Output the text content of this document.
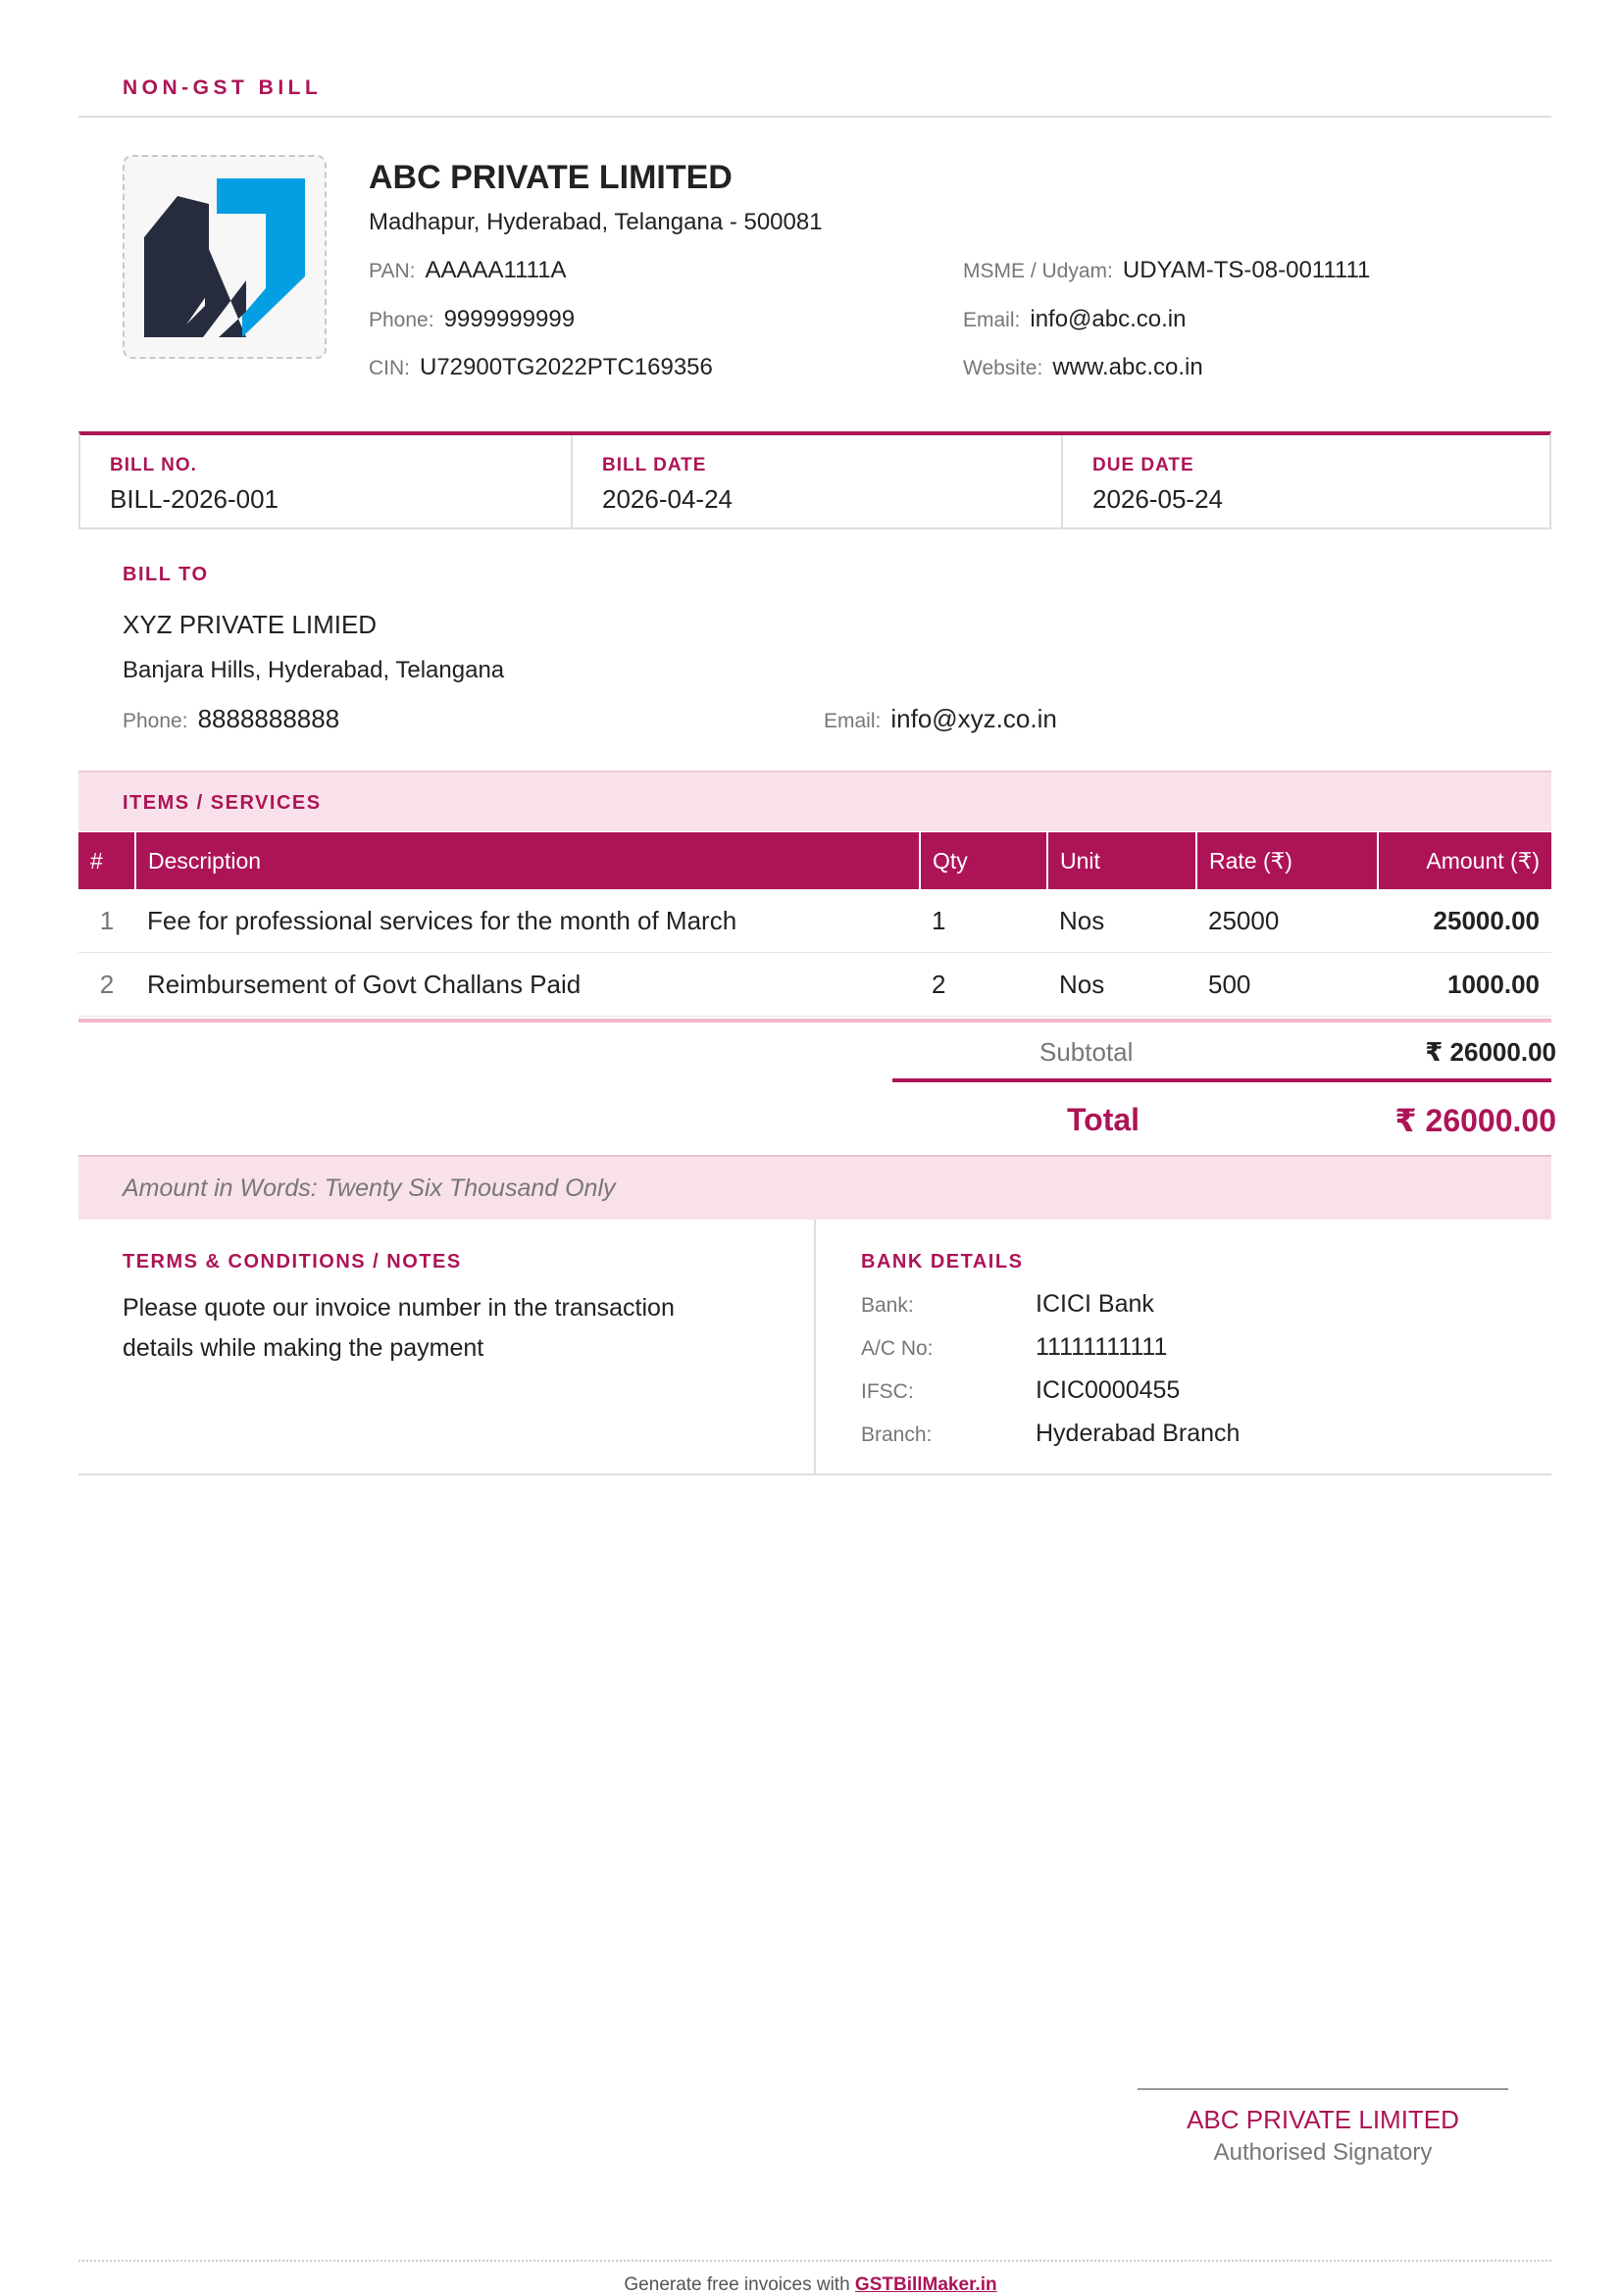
NON-GST BILL
ABC PRIVATE LIMITED
Madhapur, Hyderabad, Telangana - 500081
PAN: AAAAA1111A
Phone: 9999999999
CIN: U72900TG2022PTC169356
MSME / Udyam: UDYAM-TS-08-0011111
Email: info@abc.co.in
Website: www.abc.co.in
BILL NO.
BILL-2026-001
BILL DATE
2026-04-24
DUE DATE
2026-05-24
BILL TO
XYZ PRIVATE LIMIED
Banjara Hills, Hyderabad, Telangana
Phone: 8888888888	Email: info@xyz.co.in
ITEMS / SERVICES
#	Description	Qty	Unit	Rate (₹)	Amount (₹)
1	Fee for professional services for the month of March	1	Nos	25000	25000.00
2	Reimbursement of Govt Challans Paid	2	Nos	500	1000.00
Subtotal	₹ 26000.00
Total	₹ 26000.00
Amount in Words: Twenty Six Thousand Only
TERMS & CONDITIONS / NOTES
Please quote our invoice number in the transaction details while making the payment
BANK DETAILS
Bank:	ICICI Bank
A/C No:	11111111111
IFSC:	ICIC0000455
Branch:	Hyderabad Branch
ABC PRIVATE LIMITED
Authorised Signatory
Generate free invoices with GSTBillMaker.in
